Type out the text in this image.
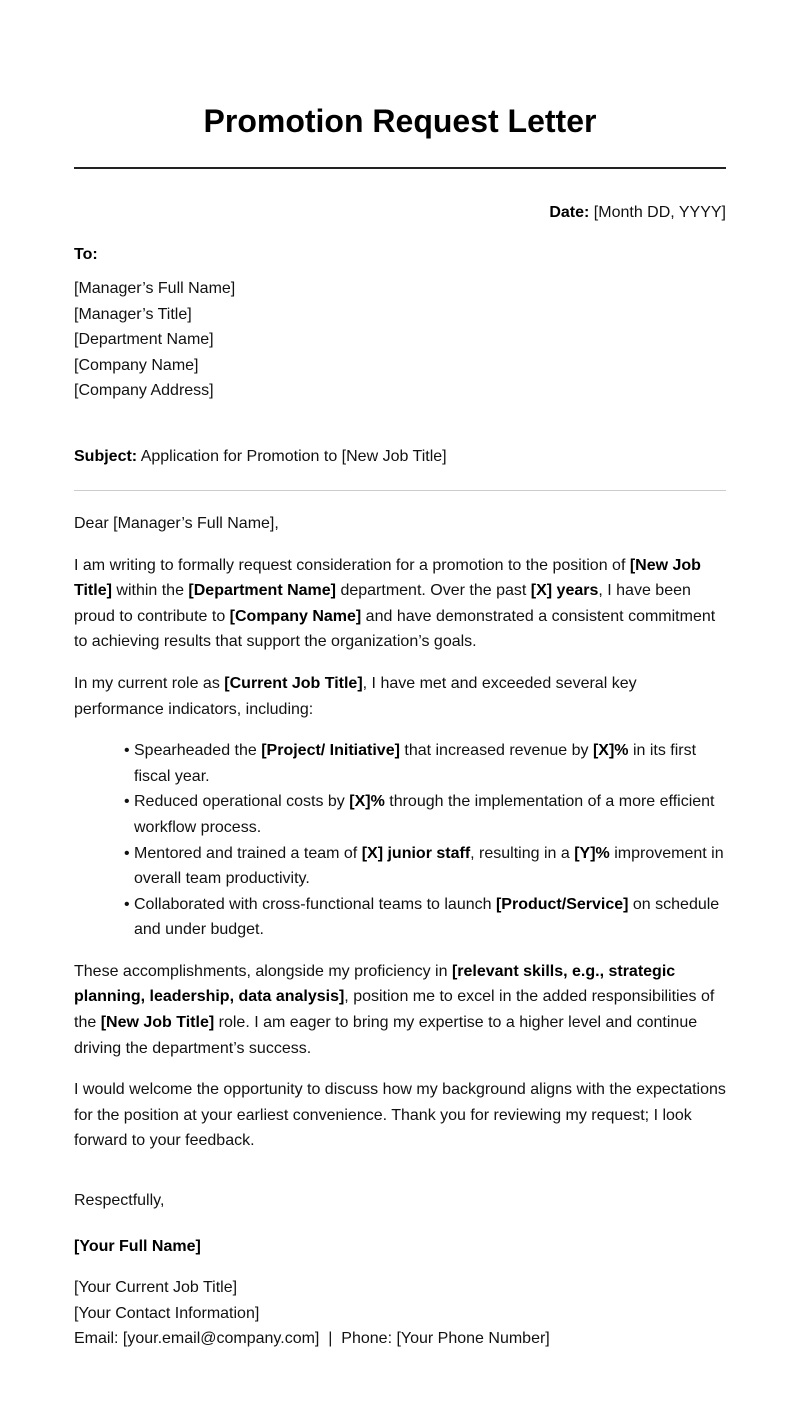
Promotion Request Letter
Date: [Month DD, YYYY]
To:
[Manager’s Full Name]
[Manager’s Title]
[Department Name]
[Company Name]
[Company Address]
Subject: Application for Promotion to [New Job Title]
Dear [Manager’s Full Name],

I am writing to formally request consideration for a promotion to the position of [New Job Title] within the [Department Name] department. Over the past [X] years, I have been proud to contribute to [Company Name] and have demonstrated a consistent commitment to achieving results that support the organization’s goals.

In my current role as [Current Job Title], I have met and exceeded several key performance indicators, including:

• Spearheaded the [Project/ Initiative] that increased revenue by [X]% in its first fiscal year.
• Reduced operational costs by [X]% through the implementation of a more efficient workflow process.
• Mentored and trained a team of [X] junior staff, resulting in a [Y]% improvement in overall team productivity.
• Collaborated with cross-functional teams to launch [Product/Service] on schedule and under budget.

These accomplishments, alongside my proficiency in [relevant skills, e.g., strategic planning, leadership, data analysis], position me to excel in the added responsibilities of the [New Job Title] role. I am eager to bring my expertise to a higher level and continue driving the department’s success.

I would welcome the opportunity to discuss how my background aligns with the expectations for the position at your earliest convenience. Thank you for reviewing my request; I look forward to your feedback.

Respectfully,
[Your Full Name]
[Your Current Job Title]
[Your Contact Information]
Email: [your.email@company.com]  |  Phone: [Your Phone Number]
